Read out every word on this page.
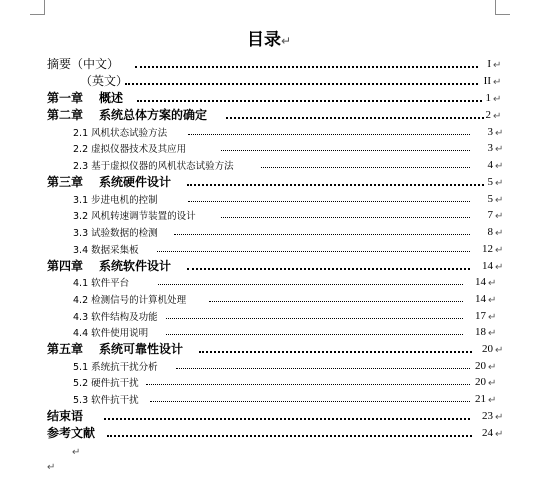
目录↵
摘要（中文）	I ↵
（英文）	II ↵
第一章 概述	1 ↵
第二章 系统总体方案的确定	2 ↵
2.1 风机状态试验方法	3 ↵
2.2 虚拟仪器技术及其应用	3 ↵
2.3 基于虚拟仪器的风机状态试验方法	4 ↵
第三章 系统硬件设计	5 ↵
3.1 步进电机的控制	5 ↵
3.2 风机转速调节装置的设计	7 ↵
3.3 试验数据的检测	8 ↵
3.4 数据采集板	12 ↵
第四章 系统软件设计	14 ↵
4.1 软件平台	14 ↵
4.2 检测信号的计算机处理	14 ↵
4.3 软件结构及功能	17 ↵
4.4 软件使用说明	18 ↵
第五章 系统可靠性设计	20 ↵
5.1 系统抗干扰分析	20 ↵
5.2 硬件抗干扰	20 ↵
5.3 软件抗干扰	21 ↵
结束语	23 ↵
参考文献	24 ↵
↵
↵
